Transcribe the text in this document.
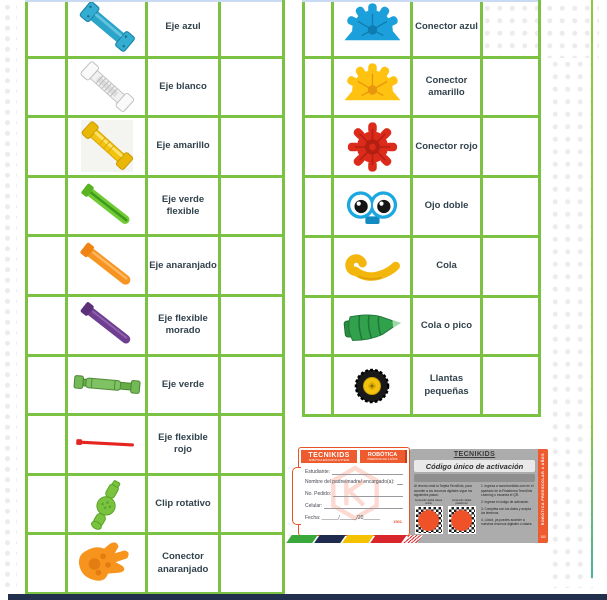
	Eje azul	

	Eje blanco	

	Eje amarillo	

	Eje verde flexible	

	Eje anaranjado	

	Eje flexible morado	

	Eje verde	

	Eje flexible rojo	

	Clip rotativo	

	Conector anaranjado	

	Conector azul	

	Conector amarillo	

	Conector rojo	

	Ojo doble	

	Cola	

	Cola o pico	

	Llantas pequeñas	
TECNIKIDS
ROBÓTICA EDUCATIVA & STEAM
ROBÓTICA
PREESCOLAR 4 AÑOS
Estudiante:
Nombre del padre/madre/ encargado(a):
No. Pedido:
Celular:
Fecha: ______/______/20______
1501
TECNIKIDS
Código único de activación
Al reverso está la Tarjeta TecniKids, para acceder a los recursos digitales sigue los siguientes pasos:
Contenido digital clases online
Contenido digital plataforma

1. Ingresa a www.tecnikids.com en el apartado de la Plataforma TecniKids Learning o escanea el QR.

2. Ingresa el código de activación.

3. Completa con tus datos y acepta los términos.

4. ¡Listo!, ya puedes acceder a nuestros recursos digitales o clases.	ROBÓTICA PREESCOLAR 4 AÑOS
150
